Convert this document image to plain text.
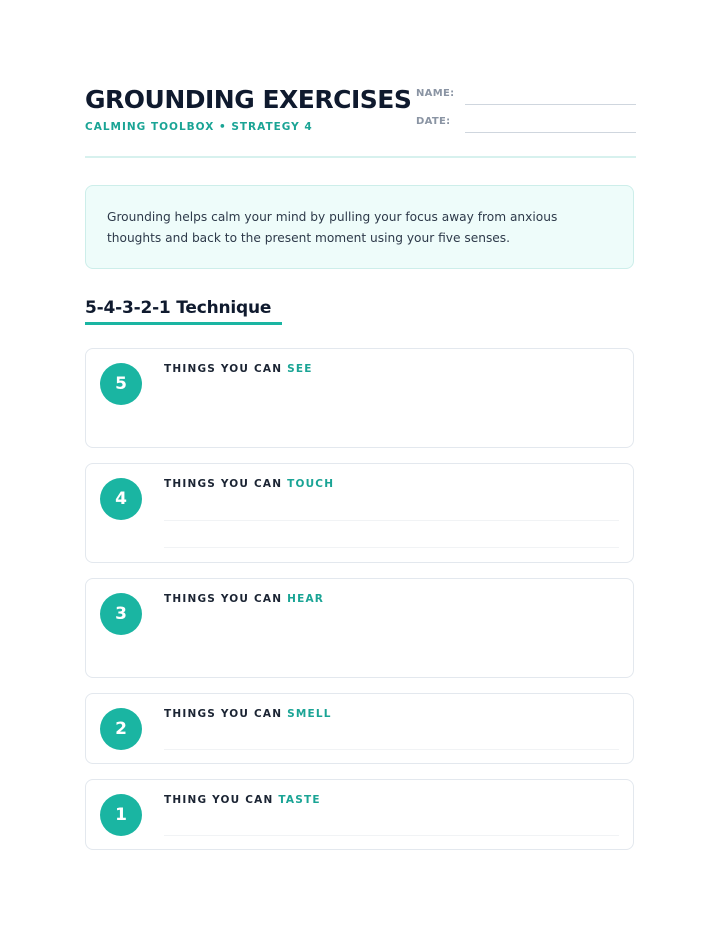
GROUNDING EXERCISES
CALMING TOOLBOX • STRATEGY 4
NAME:
DATE:

Grounding helps calm your mind by pulling your focus away from anxious thoughts and back to the present moment using your five senses.

5-4-3-2-1 Technique
5
THINGS YOU CAN SEE
4
THINGS YOU CAN TOUCH
3
THINGS YOU CAN HEAR
2
THINGS YOU CAN SMELL
1
THING YOU CAN TASTE
